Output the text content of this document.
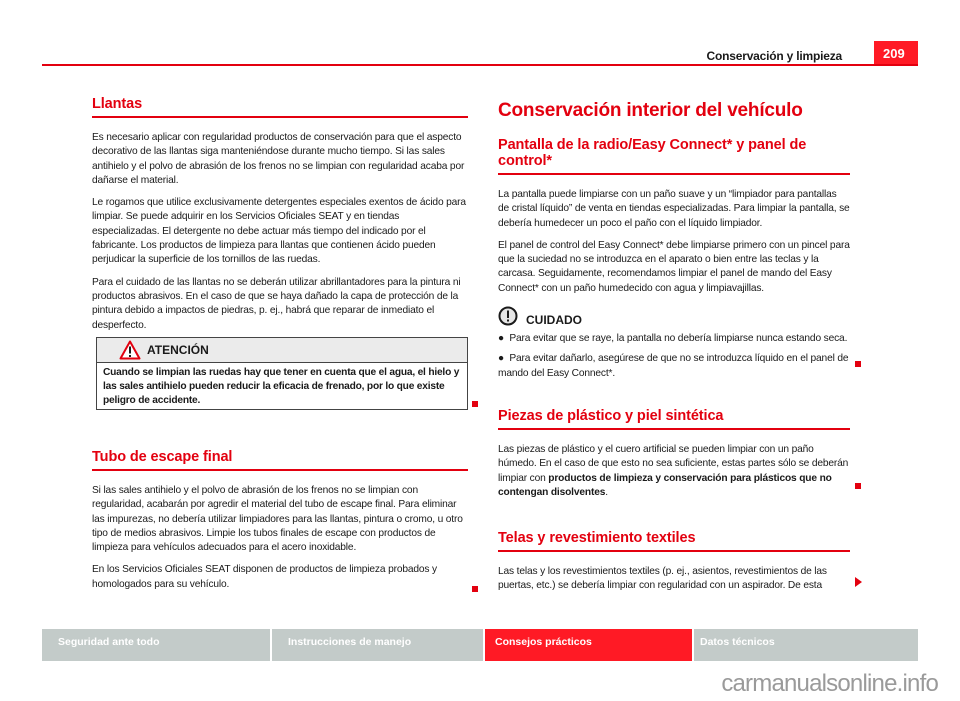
Conservación y limpieza	209
Llantas

Es necesario aplicar con regularidad productos de conservación para que el aspecto decorativo de las llantas siga manteniéndose durante mucho tiempo. Si las sales antihielo y el polvo de abrasión de los frenos no se limpian con regularidad acaba por dañarse el material.

Le rogamos que utilice exclusivamente detergentes especiales exentos de ácido para limpiar. Se puede adquirir en los Servicios Oficiales SEAT y en tiendas especializadas. El detergente no debe actuar más tiempo del indicado por el fabricante. Los productos de limpieza para llantas que contienen ácido pueden perjudicar la superficie de los tornillos de las ruedas.

Para el cuidado de las llantas no se deberán utilizar abrillantadores para la pintura ni productos abrasivos. En el caso de que se haya dañado la capa de protección de la pintura debido a impactos de piedras, p. ej., habrá que reparar de inmediato el desperfecto.

ATENCIÓN
Cuando se limpian las ruedas hay que tener en cuenta que el agua, el hielo y las sales antihielo pueden reducir la eficacia de frenado, por lo que existe peligro de accidente.
Tubo de escape final

Si las sales antihielo y el polvo de abrasión de los frenos no se limpian con regularidad, acabarán por agredir el material del tubo de escape final. Para eliminar las impurezas, no debería utilizar limpiadores para las llantas, pintura o cromo, u otro tipo de medios abrasivos. Limpie los tubos finales de escape con productos de limpieza para vehículos adecuados para el acero inoxidable.

En los Servicios Oficiales SEAT disponen de productos de limpieza probados y homologados para su vehículo.

Conservación interior del vehículo
Pantalla de la radio/Easy Connect* y panel de control*

La pantalla puede limpiarse con un paño suave y un “limpiador para pantallas de cristal líquido” de venta en tiendas especializadas. Para limpiar la pantalla, se debería humedecer un poco el paño con el líquido limpiador.

El panel de control del Easy Connect* debe limpiarse primero con un pincel para que la suciedad no se introduzca en el aparato o bien entre las teclas y la carcasa. Seguidamente, recomendamos limpiar el panel de mando del Easy Connect* con un paño humedecido con agua y limpiavajillas.

CUIDADO

●  Para evitar que se raye, la pantalla no debería limpiarse nunca estando seca.

●  Para evitar dañarlo, asegúrese de que no se introduzca líquido en el panel de mando del Easy Connect*.

Piezas de plástico y piel sintética

Las piezas de plástico y el cuero artificial se pueden limpiar con un paño húmedo. En el caso de que esto no sea suficiente, estas partes sólo se deberán limpiar con productos de limpieza y conservación para plásticos que no contengan disolventes.

Telas y revestimiento textiles

Las telas y los revestimientos textiles (p. ej., asientos, revestimientos de las puertas, etc.) se debería limpiar con regularidad con un aspirador. De esta

Seguridad ante todo	Instrucciones de manejo	Consejos prácticos	Datos técnicos
carmanualsonline.info
